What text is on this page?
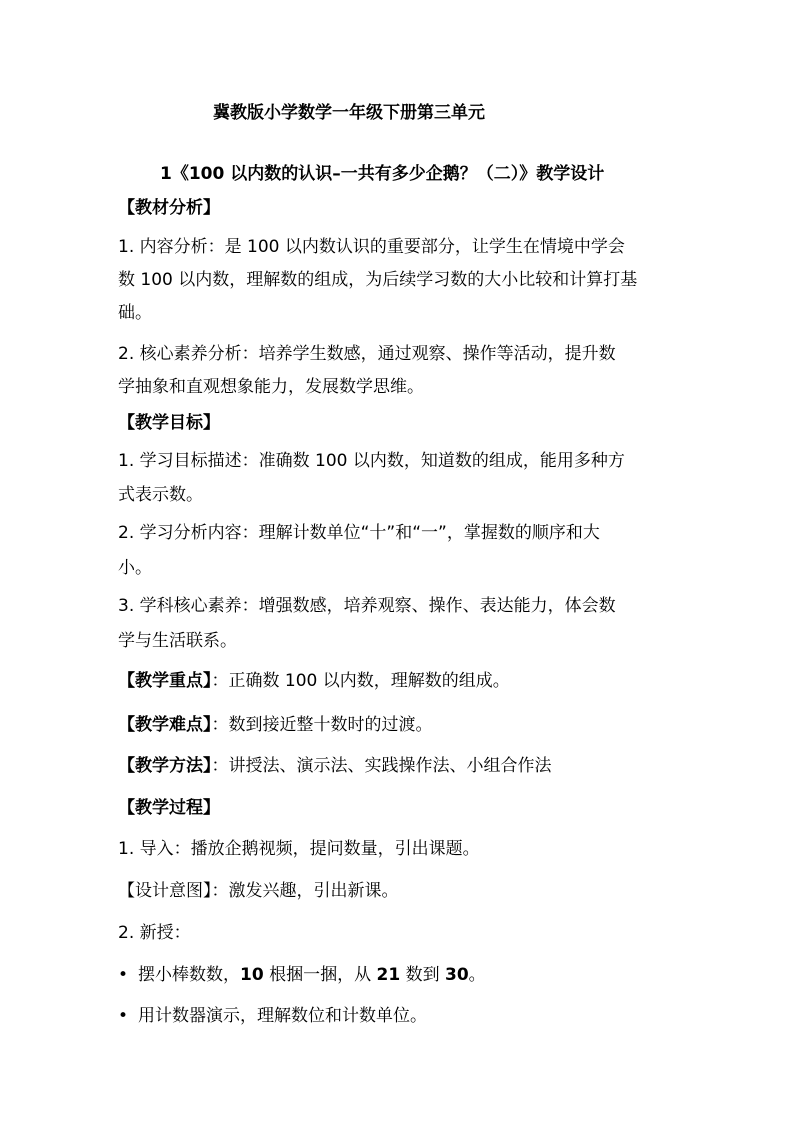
冀教版小学数学一年级下册第三单元
1《100 以内数的认识–一共有多少企鹅？（二）》教学设计
【教材分析】
1. 内容分析：是 100 以内数认识的重要部分，让学生在情境中学会
数 100 以内数，理解数的组成，为后续学习数的大小比较和计算打基
础。
2. 核心素养分析：培养学生数感，通过观察、操作等活动，提升数
学抽象和直观想象能力，发展数学思维。
【教学目标】
1. 学习目标描述：准确数 100 以内数，知道数的组成，能用多种方
式表示数。
2. 学习分析内容：理解计数单位“十”和“一”，掌握数的顺序和大
小。
3. 学科核心素养：增强数感，培养观察、操作、表达能力，体会数
学与生活联系。
【教学重点】：正确数 100 以内数，理解数的组成。
【教学难点】：数到接近整十数时的过渡。
【教学方法】：讲授法、演示法、实践操作法、小组合作法
【教学过程】
1. 导入：播放企鹅视频，提问数量，引出课题。
【设计意图】：激发兴趣，引出新课。
2. 新授：
• 摆小棒数数，10 根捆一捆，从 21 数到 30。
• 用计数器演示，理解数位和计数单位。
